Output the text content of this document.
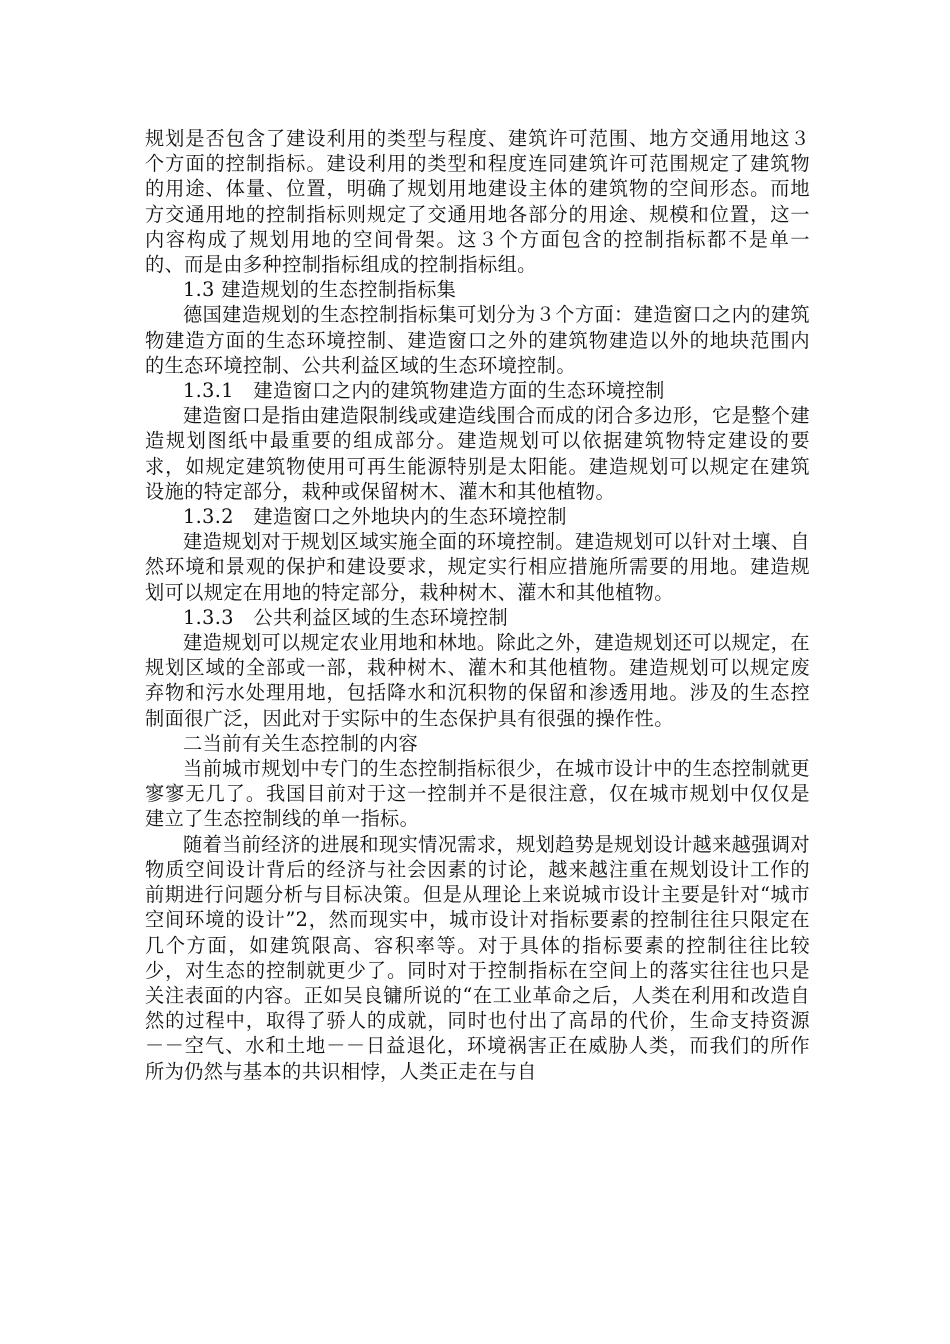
规划是否包含了建设利用的类型与程度、建筑许可范围、地方交通用地这３个方面的控制指标。建设利用的类型和程度连同建筑许可范围规定了建筑物的用途、体量、位置，明确了规划用地建设主体的建筑物的空间形态。而地方交通用地的控制指标则规定了交通用地各部分的用途、规模和位置，这一内容构成了规划用地的空间骨架。这３个方面包含的控制指标都不是单一的、而是由多种控制指标组成的控制指标组。

1.3 建造规划的生态控制指标集

德国建造规划的生态控制指标集可划分为３个方面：建造窗口之内的建筑物建造方面的生态环境控制、建造窗口之外的建筑物建造以外的地块范围内的生态环境控制、公共利益区域的生态环境控制。

1.3.1　建造窗口之内的建筑物建造方面的生态环境控制

建造窗口是指由建造限制线或建造线围合而成的闭合多边形，它是整个建造规划图纸中最重要的组成部分。建造规划可以依据建筑物特定建设的要求，如规定建筑物使用可再生能源特别是太阳能。建造规划可以规定在建筑设施的特定部分，栽种或保留树木、灌木和其他植物。

1.3.2　建造窗口之外地块内的生态环境控制

建造规划对于规划区域实施全面的环境控制。建造规划可以针对土壤、自然环境和景观的保护和建设要求，规定实行相应措施所需要的用地。建造规划可以规定在用地的特定部分，栽种树木、灌木和其他植物。

1.3.3　公共利益区域的生态环境控制

建造规划可以规定农业用地和林地。除此之外，建造规划还可以规定，在规划区域的全部或一部，栽种树木、灌木和其他植物。建造规划可以规定废弃物和污水处理用地，包括降水和沉积物的保留和渗透用地。涉及的生态控制面很广泛，因此对于实际中的生态保护具有很强的操作性。

二当前有关生态控制的内容

当前城市规划中专门的生态控制指标很少，在城市设计中的生态控制就更寥寥无几了。我国目前对于这一控制并不是很注意，仅在城市规划中仅仅是建立了生态控制线的单一指标。

随着当前经济的进展和现实情况需求，规划趋势是规划设计越来越强调对物质空间设计背后的经济与社会因素的讨论，越来越注重在规划设计工作的前期进行问题分析与目标决策。但是从理论上来说城市设计主要是针对“城市空间环境的设计”2，然而现实中，城市设计对指标要素的控制往往只限定在几个方面，如建筑限高、容积率等。对于具体的指标要素的控制往往比较少，对生态的控制就更少了。同时对于控制指标在空间上的落实往往也只是关注表面的内容。正如吴良镛所说的“在工业革命之后，人类在利用和改造自然的过程中，取得了骄人的成就，同时也付出了高昂的代价，生命支持资源－－空气、水和土地－－日益退化，环境祸害正在威胁人类，而我们的所作所为仍然与基本的共识相悖，人类正走在与自
